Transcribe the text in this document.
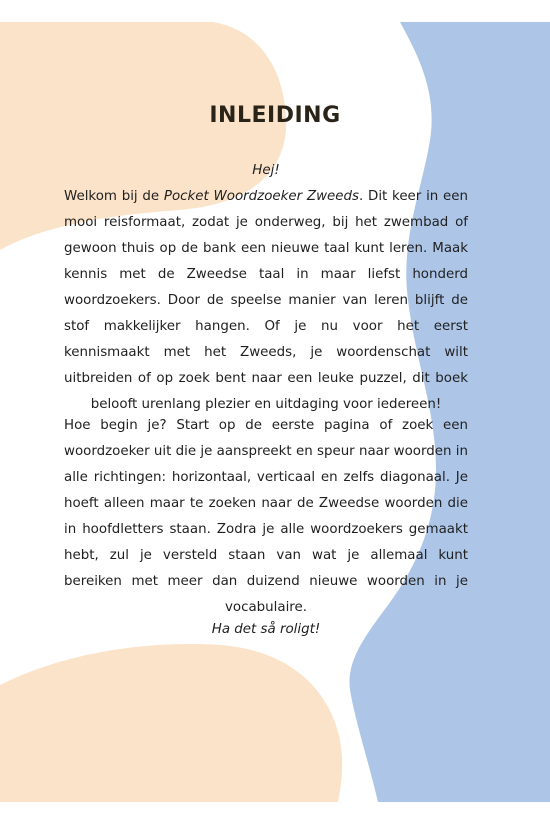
INLEIDING

Hej!

Welkom bij de Pocket Woordzoeker Zweeds. Dit keer in een mooi reisformaat, zodat je onderweg, bij het zwembad of gewoon thuis op de bank een nieuwe taal kunt leren. Maak kennis met de Zweedse taal in maar liefst honderd woordzoekers. Door de speelse manier van leren blijft de stof makkelijker hangen. Of je nu voor het eerst kennismaakt met het Zweeds, je woordenschat wilt uitbreiden of op zoek bent naar een leuke puzzel, dit boek belooft urenlang plezier en uitdaging voor iedereen!

Hoe begin je? Start op de eerste pagina of zoek een woordzoeker uit die je aanspreekt en speur naar woorden in alle richtingen: horizontaal, verticaal en zelfs diagonaal. Je hoeft alleen maar te zoeken naar de Zweedse woorden die in hoofdletters staan. Zodra je alle woordzoekers gemaakt hebt, zul je versteld staan van wat je allemaal kunt bereiken met meer dan duizend nieuwe woorden in je vocabulaire.

Ha det så roligt!
